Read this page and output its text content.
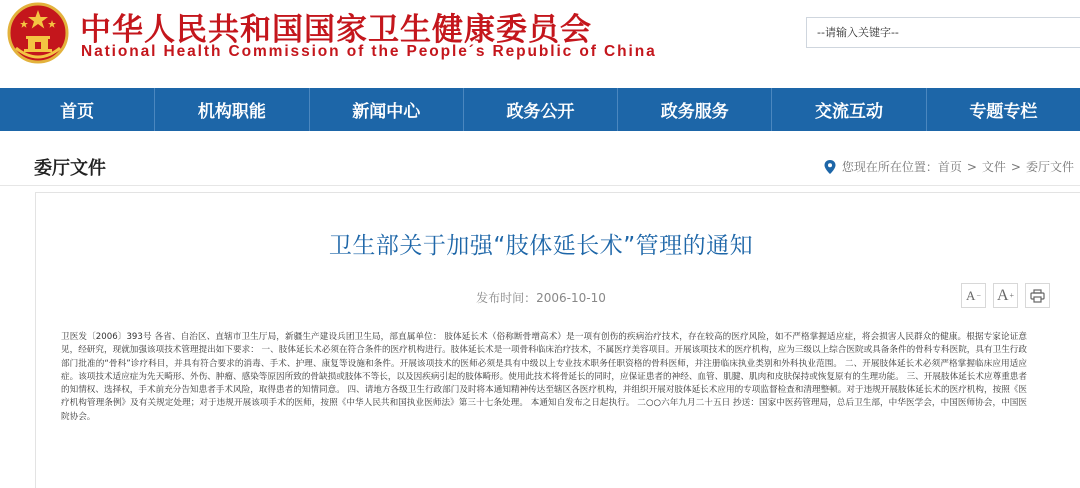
中华人民共和国国家卫生健康委员会
National Health Commission of the People´s Republic of China
--请输入关键字--
首页	机构职能	新闻中心	政务公开	政务服务	交流互动	专题专栏
委厅文件	您现在所在位置： 首页 > 文件 > 委厅文件
卫生部关于加强“肢体延长术”管理的通知
发布时间：2006-10-10	A − A +
卫医发〔2006〕393号 各省、自治区、直辖市卫生厅局，新疆生产建设兵团卫生局，部直属单位： 肢体延长术（俗称断骨增高术）是一项有创伤的疾病治疗技术，存在较高的医疗风险，如不严格掌握适应症，将会损害人民群众的健康。根据专家论证意见，经研究，现就加强该项技术管理提出如下要求： 一、肢体延长术必须在符合条件的医疗机构进行。肢体延长术是一项骨科临床治疗技术，不属医疗美容项目。开展该项技术的医疗机构，应为三级以上综合医院或具备条件的骨科专科医院，具有卫生行政部门批准的“骨科”诊疗科目，并具有符合要求的消毒、手术、护理、康复等设施和条件。开展该项技术的医师必须是具有中级以上专业技术职务任职资格的骨科医师，并注册临床执业类别和外科执业范围。 二、开展肢体延长术必须严格掌握临床应用适应症。该项技术适应症为先天畸形、外伤、肿瘤、感染等原因所致的骨缺损或肢体不等长，以及因疾病引起的肢体畸形。使用此技术将骨延长的同时，应保证患者的神经、血管、肌腱、肌肉和皮肤保持或恢复原有的生理功能。 三、开展肢体延长术应尊重患者的知情权、选择权，手术前充分告知患者手术风险，取得患者的知情同意。 四、请地方各级卫生行政部门及时将本通知精神传达至辖区各医疗机构，并组织开展对肢体延长术应用的专项监督检查和清理整顿。对于违规开展肢体延长术的医疗机构，按照《医疗机构管理条例》及有关规定处理；对于违规开展该项手术的医师，按照《中华人民共和国执业医师法》第三十七条处理。 本通知自发布之日起执行。 二○○六年九月二十五日 抄送：国家中医药管理局，总后卫生部，中华医学会，中国医师协会，中国医院协会。
